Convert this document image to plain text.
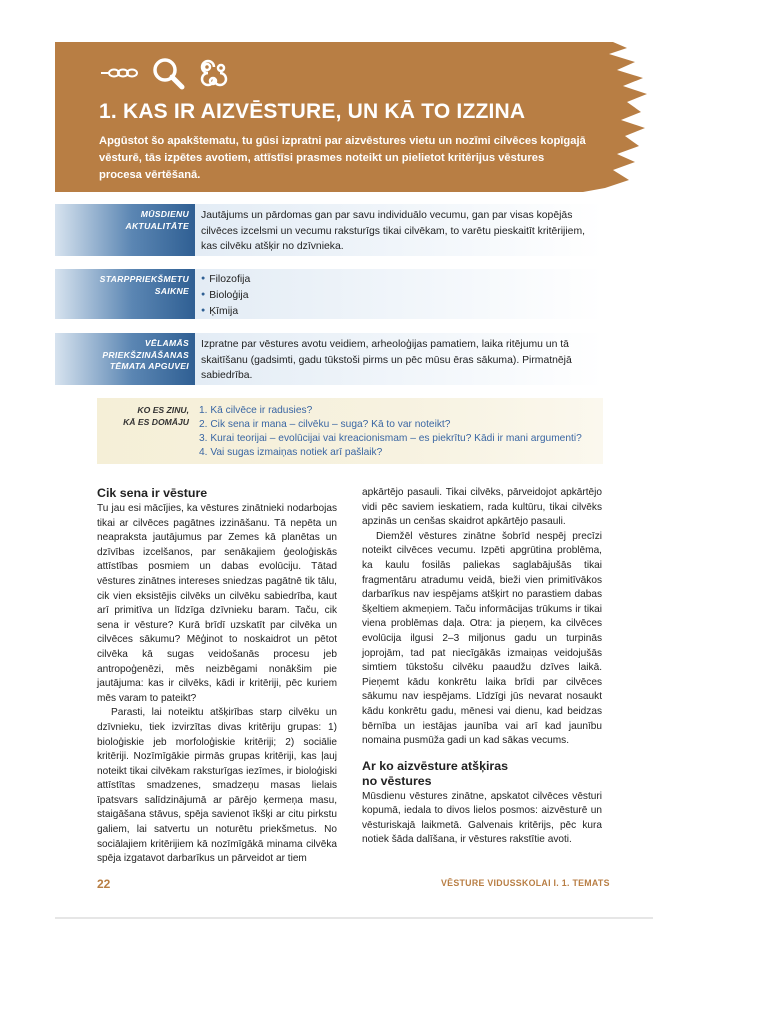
1. KAS IR AIZVĒSTURE, UN KĀ TO IZZINA
Apgūstot šo apakštematu, tu gūsi izpratni par aizvēstures vietu un nozīmi cilvēces kopīgajā vēsturē, tās izpētes avotiem, attīstīsi prasmes noteikt un pielietot kritērijus vēstures procesa vērtēšanā.
MŪSDIENU
AKTUALITĀTE
Jautājums un pārdomas gan par savu individuālo vecumu, gan par visas kopējās cilvēces izcelsmi un vecumu raksturīgs tikai cilvēkam, to varētu pieskaitīt kritērijiem, kas cilvēku atšķir no dzīvnieka.
STARPPRIEKŠMETU
SAIKNE
● Filozofija
● Bioloģija
● Ķīmija
VĒLAMĀS
PRIEKŠZINĀŠANAS
TĒMATA APGUVEI
Izpratne par vēstures avotu veidiem, arheoloģijas pamatiem, laika ritējumu un tā skaitīšanu (gadsimti, gadu tūkstoši pirms un pēc mūsu ēras sākuma). Pirmatnējā sabiedrība.
KO ES ZINU,
KĀ ES DOMĀJU
1. Kā cilvēce ir radusies?
2. Cik sena ir mana – cilvēku – suga? Kā to var noteikt?
3. Kurai teorijai – evolūcijai vai kreacionismam – es piekrītu? Kādi ir mani argumenti?
4. Vai sugas izmaiņas notiek arī pašlaik?
Cik sena ir vēsture

Tu jau esi mācījies, ka vēstures zinātnieki nodarbojas tikai ar cilvēces pagātnes izzināšanu. Tā nepēta un neapraksta jautājumus par Zemes kā planētas un dzīvības izcelšanos, par senākajiem ģeoloģiskās attīstības posmiem un dabas evolūciju. Tātad vēstures zinātnes intereses sniedzas pagātnē tik tālu, cik vien eksistējis cilvēks un cilvēku sabiedrība, kaut arī primitīva un līdzīga dzīvnieku baram. Taču, cik sena ir vēsture? Kurā brīdī uzskatīt par cilvēka un cilvēces sākumu? Mēģinot to noskaidrot un pētot cilvēka kā sugas veidošanās procesu jeb antropoģenēzi, mēs neizbēgami nonākšim pie jautājuma: kas ir cilvēks, kādi ir kritēriji, pēc kuriem mēs varam to pateikt?

Parasti, lai noteiktu atšķirības starp cilvēku un dzīvnieku, tiek izvirzītas divas kritēriju grupas: 1) bioloģiskie jeb morfoloģiskie kritēriji; 2) sociālie kritēriji. Nozīmīgākie pirmās grupas kritēriji, kas ļauj noteikt tikai cilvēkam raksturīgas iezīmes, ir bioloģiski attīstītas smadzenes, smadzeņu masas lielais īpatsvars salīdzinājumā ar pārējo ķermeņa masu, staigāšana stāvus, spēja savienot īkšķi ar citu pirkstu galiem, lai satvertu un noturētu priekšmetus. No sociālajiem kritērijiem kā nozīmīgākā minama cilvēka spēja izgatavot darbarīkus un pārveidot ar tiem

apkārtējo pasauli. Tikai cilvēks, pārveidojot apkārtējo vidi pēc saviem ieskatiem, rada kultūru, tikai cilvēks apzinās un cenšas skaidrot apkārtējo pasauli.

Diemžēl vēstures zinātne šobrīd nespēj precīzi noteikt cilvēces vecumu. Izpēti apgrūtina problēma, ka kaulu fosilās paliekas saglabājušās tikai fragmentāru atradumu veidā, bieži vien primitīvākos darbarīkus nav iespējams atšķirt no parastiem dabas šķeltiem akmeņiem. Taču informācijas trūkums ir tikai viena problēmas daļa. Otra: ja pieņem, ka cilvēces evolūcija ilgusi 2–3 miljonus gadu un turpinās joprojām, tad pat niecīgākās izmaiņas veidojušās simtiem tūkstošu cilvēku paaudžu dzīves laikā. Pieņemt kādu konkrētu laika brīdi par cilvēces sākumu nav iespējams. Līdzīgi jūs nevarat nosaukt kādu konkrētu gadu, mēnesi vai dienu, kad beidzas bērnība un iestājas jaunība vai arī kad jaunību nomaina pusmūža gadi un kad sākas vecums.

Ar ko aizvēsture atšķiras
no vēstures

Mūsdienu vēstures zinātne, apskatot cilvēces vēsturi kopumā, iedala to divos lielos posmos: aizvēsturē un vēsturiskajā laikmetā. Galvenais kritērijs, pēc kura notiek šāda dalīšana, ir vēstures rakstītie avoti.

22	VĒSTURE VIDUSSKOLAI I. 1. TEMATS
